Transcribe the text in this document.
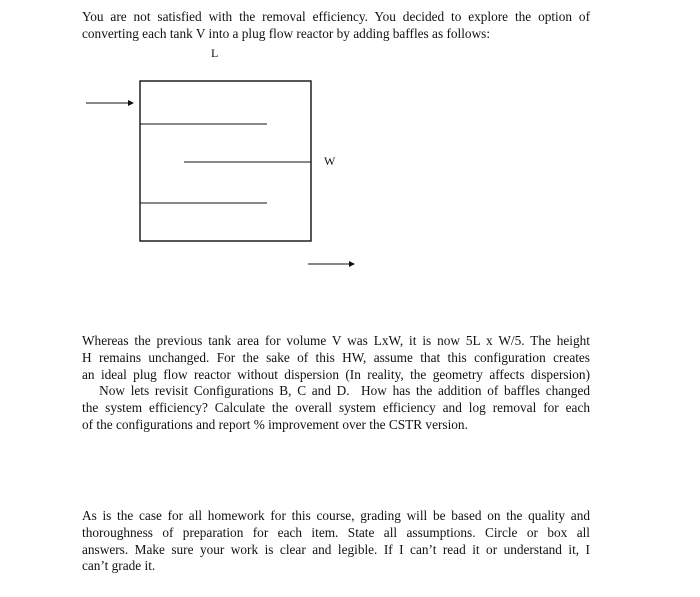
You are not satisfied with the removal efficiency. You decided to explore the option of
converting each tank V into a plug flow reactor by adding baffles as follows:
L
W
Whereas the previous tank area for volume V was LxW, it is now 5L x W/5. The height
H remains unchanged. For the sake of this HW, assume that this configuration creates
an ideal plug flow reactor without dispersion (In reality, the geometry affects dispersion)
Now lets revisit Configurations B, C and D.  How has the addition of baffles changed
the system efficiency? Calculate the overall system efficiency and log removal for each
of the configurations and report % improvement over the CSTR version.
As is the case for all homework for this course, grading will be based on the quality and
thoroughness of preparation for each item. State all assumptions. Circle or box all
answers. Make sure your work is clear and legible. If I can’t read it or understand it, I
can’t grade it.
